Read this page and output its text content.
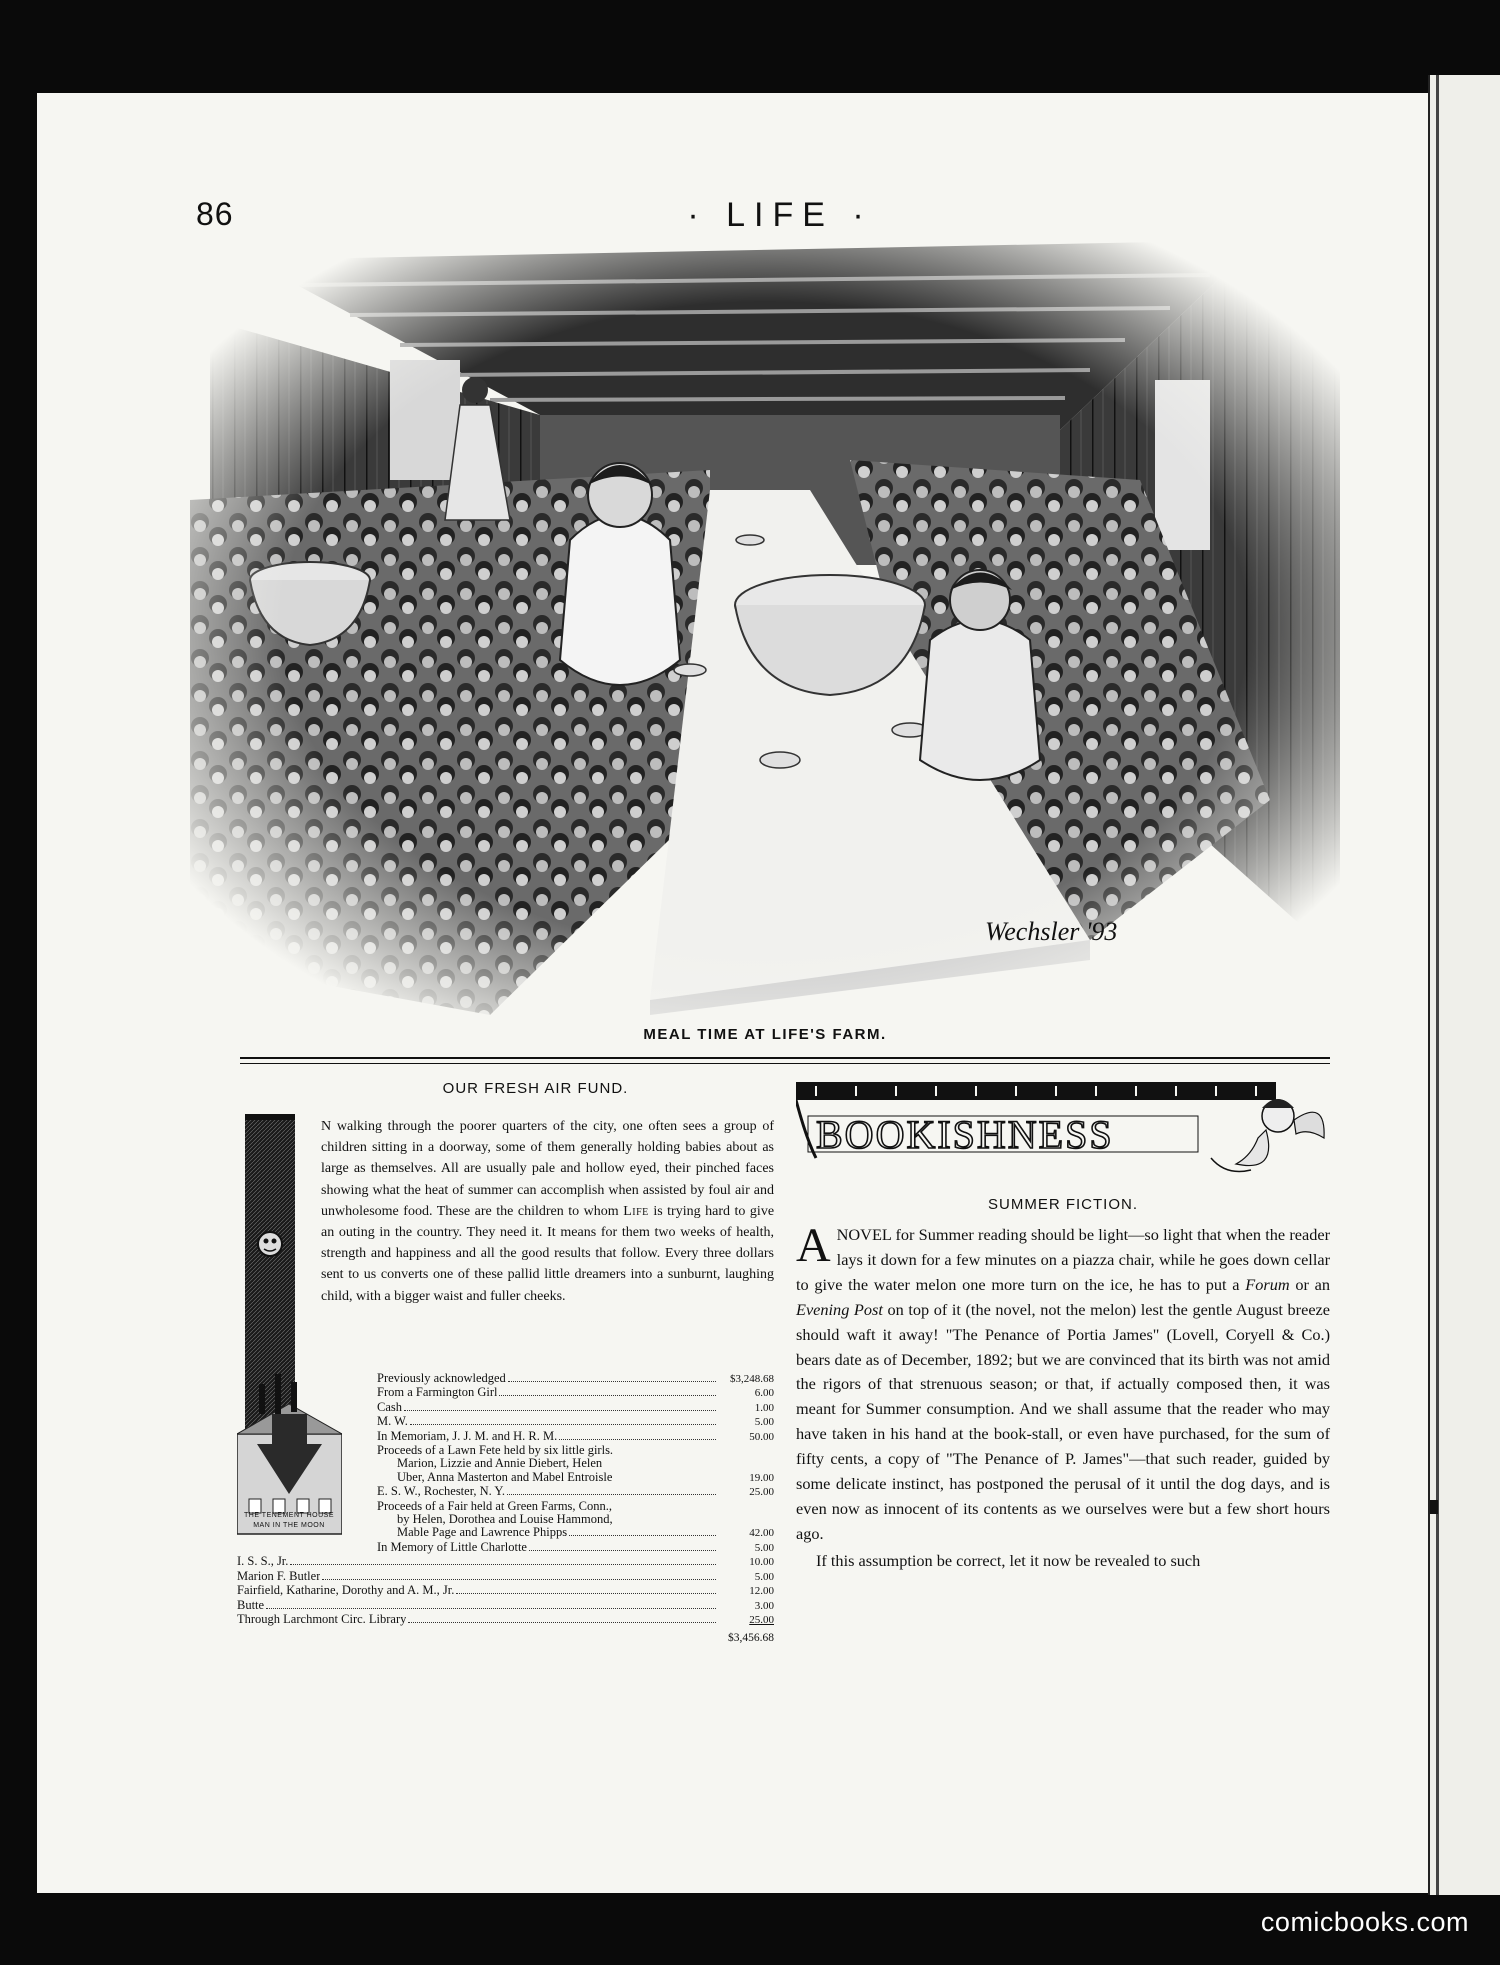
86	· LIFE ·
Wechsler '93
MEAL TIME AT LIFE'S FARM.
OUR FRESH AIR FUND.
THE TENEMENT HOUSE
MAN IN THE MOON
N walking through the poorer quarters of the city, one often sees a group of children sitting in a doorway, some of them generally holding babies about as large as themselves. All are usually pale and hollow eyed, their pinched faces showing what the heat of summer can accomplish when assisted by foul air and unwholesome food. These are the children to whom Life is trying hard to give an outing in the country. They need it. It means for them two weeks of health, strength and happiness and all the good results that follow. Every three dollars sent to us converts one of these pallid little dreamers into a sunburnt, laughing child, with a bigger waist and fuller cheeks.
Previously acknowledged	$3,248.68
From a Farmington Girl	6.00
Cash	1.00
M. W.	5.00
In Memoriam, J. J. M. and H. R. M.	50.00
Proceeds of a Lawn Fete held by six little girls.
Marion, Lizzie and Annie Diebert, Helen
Uber, Anna Masterton and Mabel Entroisle	19.00
E. S. W., Rochester, N. Y.	25.00
Proceeds of a Fair held at Green Farms, Conn.,
by Helen, Dorothea and Louise Hammond,
Mable Page and Lawrence Phipps	42.00
In Memory of Little Charlotte	5.00
I. S. S., Jr.	10.00
Marion F. Butler	5.00
Fairfield, Katharine, Dorothy and A. M., Jr.	12.00
Butte	3.00
Through Larchmont Circ. Library	25.00
$3,456.68
BOOKISHNESS
SUMMER FICTION.

A NOVEL for Summer reading should be light—so light that when the reader lays it down for a few minutes on a piazza chair, while he goes down cellar to give the water melon one more turn on the ice, he has to put a Forum or an Evening Post on top of it (the novel, not the melon) lest the gentle August breeze should waft it away! "The Penance of Portia James" (Lovell, Coryell & Co.) bears date as of December, 1892; but we are convinced that its birth was not amid the rigors of that strenuous season; or that, if actually composed then, it was meant for Summer consumption. And we shall assume that the reader who may have taken in his hand at the book-stall, or even have purchased, for the sum of fifty cents, a copy of "The Penance of P. James"—that such reader, guided by some delicate instinct, has postponed the perusal of it until the dog days, and is even now as innocent of its contents as we ourselves were but a few short hours ago.

If this assumption be correct, let it now be revealed to such

comicbooks.com
